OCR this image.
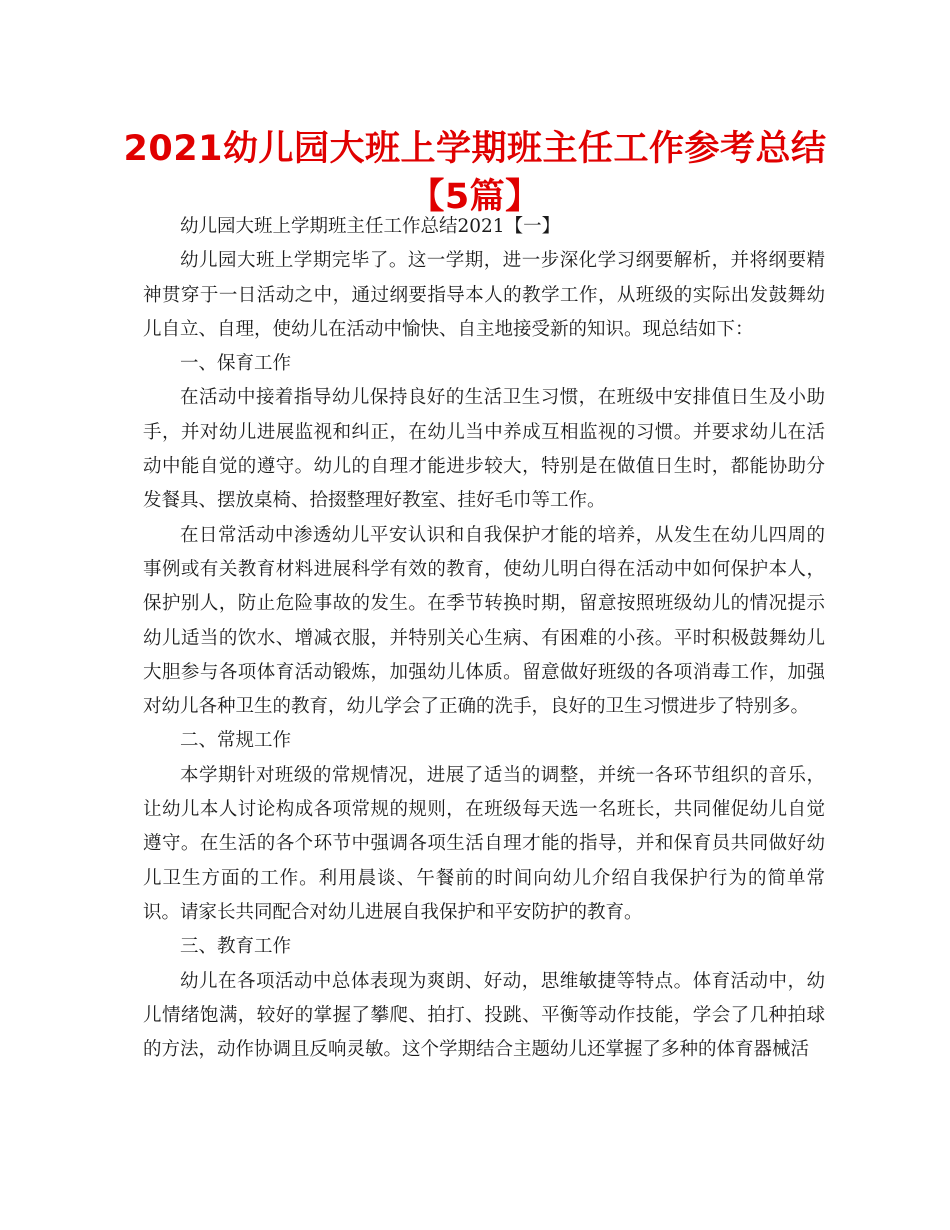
2021幼儿园大班上学期班主任工作参考总结【5篇】

幼儿园大班上学期班主任工作总结2021【一】

幼儿园大班上学期完毕了。这一学期，进一步深化学习纲要解析，并将纲要精神贯穿于一日活动之中，通过纲要指导本人的教学工作，从班级的实际出发鼓舞幼儿自立、自理，使幼儿在活动中愉快、自主地接受新的知识。现总结如下：

一、保育工作

在活动中接着指导幼儿保持良好的生活卫生习惯，在班级中安排值日生及小助手，并对幼儿进展监视和纠正，在幼儿当中养成互相监视的习惯。并要求幼儿在活动中能自觉的遵守。幼儿的自理才能进步较大，特别是在做值日生时，都能协助分发餐具、摆放桌椅、拾掇整理好教室、挂好毛巾等工作。

在日常活动中渗透幼儿平安认识和自我保护才能的培养，从发生在幼儿四周的事例或有关教育材料进展科学有效的教育，使幼儿明白得在活动中如何保护本人，保护别人，防止危险事故的发生。在季节转换时期，留意按照班级幼儿的情况提示幼儿适当的饮水、增减衣服，并特别关心生病、有困难的小孩。平时积极鼓舞幼儿大胆参与各项体育活动锻炼，加强幼儿体质。留意做好班级的各项消毒工作，加强对幼儿各种卫生的教育，幼儿学会了正确的洗手，良好的卫生习惯进步了特别多。

二、常规工作

本学期针对班级的常规情况，进展了适当的调整，并统一各环节组织的音乐，让幼儿本人讨论构成各项常规的规则，在班级每天选一名班长，共同催促幼儿自觉遵守。在生活的各个环节中强调各项生活自理才能的指导，并和保育员共同做好幼儿卫生方面的工作。利用晨谈、午餐前的时间向幼儿介绍自我保护行为的简单常识。请家长共同配合对幼儿进展自我保护和平安防护的教育。

三、教育工作

幼儿在各项活动中总体表现为爽朗、好动，思维敏捷等特点。体育活动中，幼儿情绪饱满，较好的掌握了攀爬、拍打、投跳、平衡等动作技能，学会了几种拍球的方法，动作协调且反响灵敏。这个学期结合主题幼儿还掌握了多种的体育器械活
